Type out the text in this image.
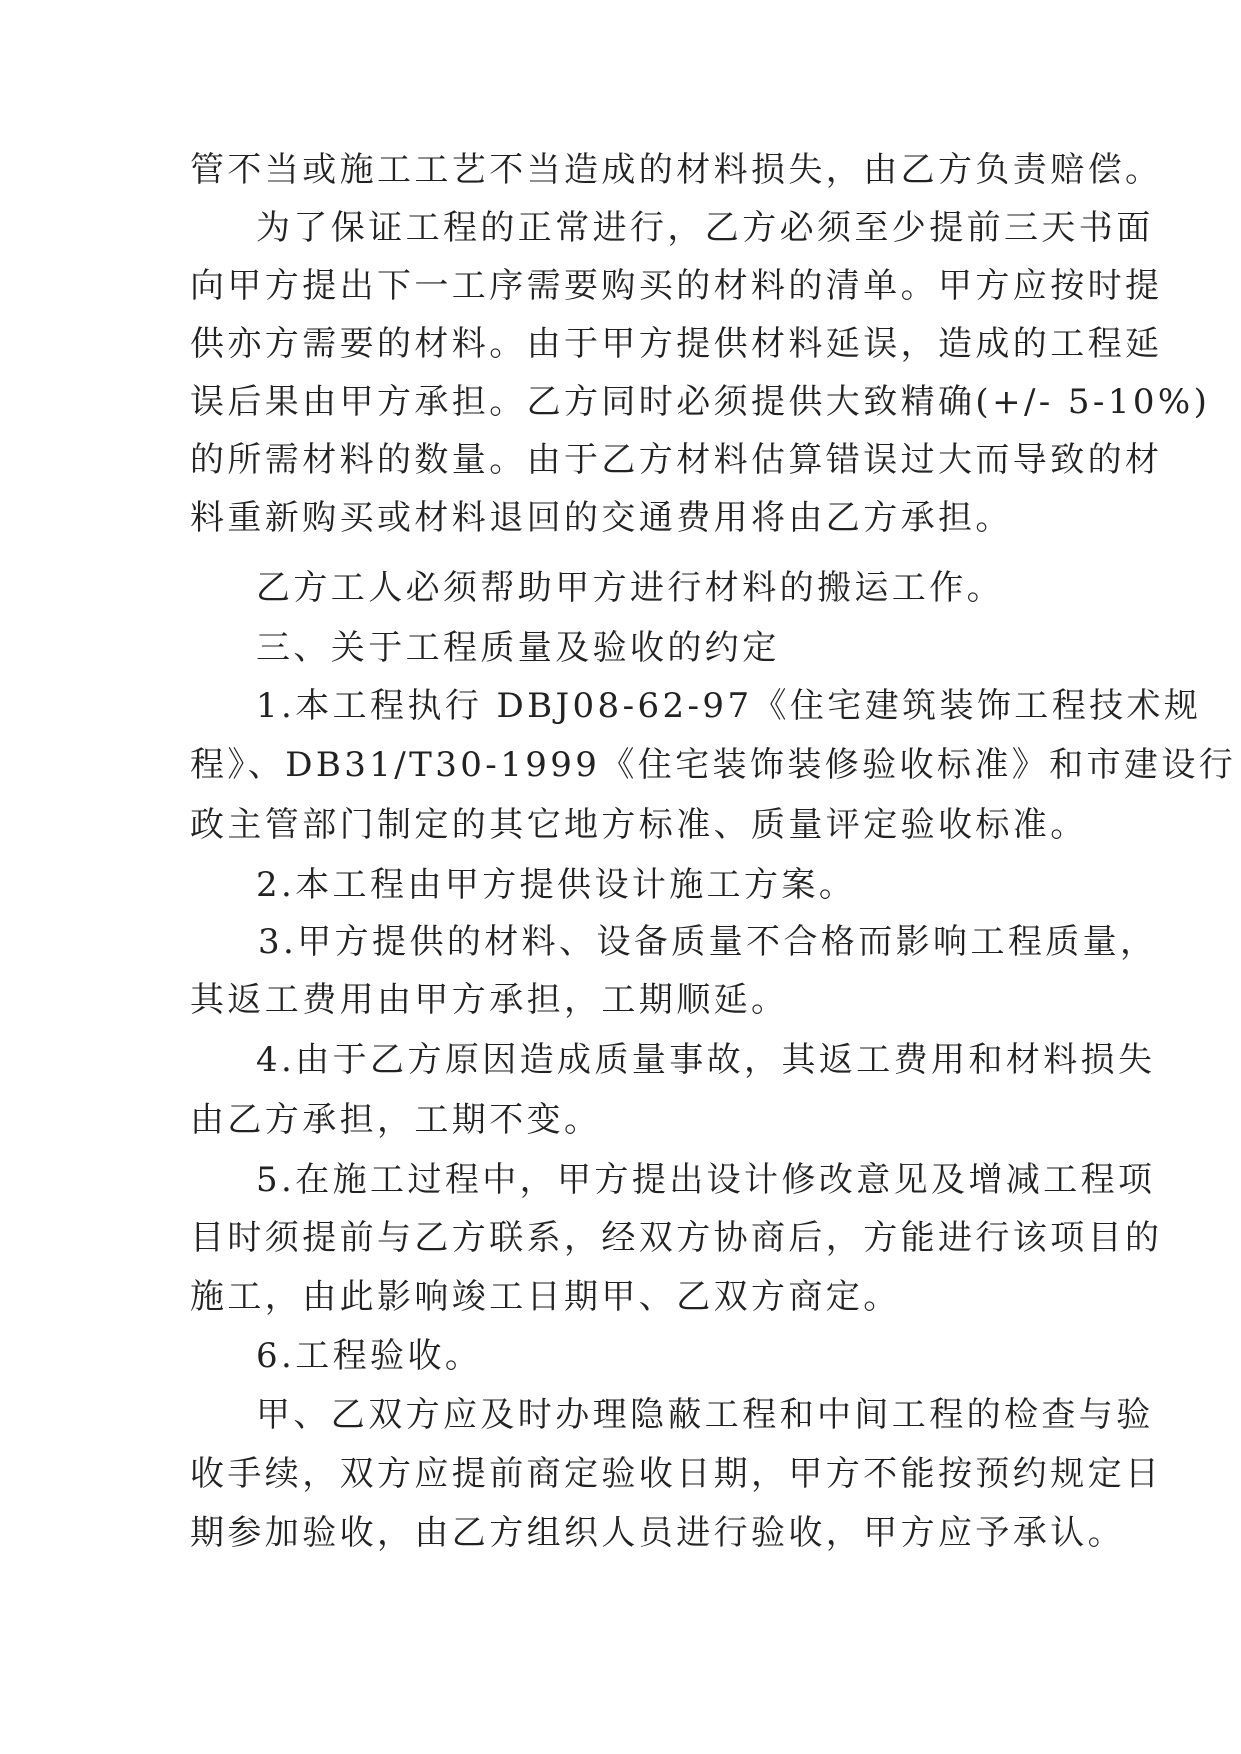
管不当或施工工艺不当造成的材料损失，由乙方负责赔偿。
为了保证工程的正常进行，乙方必须至少提前三天书面
向甲方提出下一工序需要购买的材料的清单。甲方应按时提
供亦方需要的材料。由于甲方提供材料延误，造成的工程延
误后果由甲方承担。乙方同时必须提供大致精确(+/- 5-10%)
的所需材料的数量。由于乙方材料估算错误过大而导致的材
料重新购买或材料退回的交通费用将由乙方承担。
乙方工人必须帮助甲方进行材料的搬运工作。
三、关于工程质量及验收的约定
1.本工程执行 DBJ08-62-97《住宅建筑装饰工程技术规
程》、DB31/T30-1999《住宅装饰装修验收标准》和市建设行
政主管部门制定的其它地方标准、质量评定验收标准。
2.本工程由甲方提供设计施工方案。
3.甲方提供的材料、设备质量不合格而影响工程质量，
其返工费用由甲方承担，工期顺延。
4.由于乙方原因造成质量事故，其返工费用和材料损失
由乙方承担，工期不变。
5.在施工过程中，甲方提出设计修改意见及增减工程项
目时须提前与乙方联系，经双方协商后，方能进行该项目的
施工，由此影响竣工日期甲、乙双方商定。
6.工程验收。
甲、乙双方应及时办理隐蔽工程和中间工程的检查与验
收手续，双方应提前商定验收日期，甲方不能按预约规定日
期参加验收，由乙方组织人员进行验收，甲方应予承认。
